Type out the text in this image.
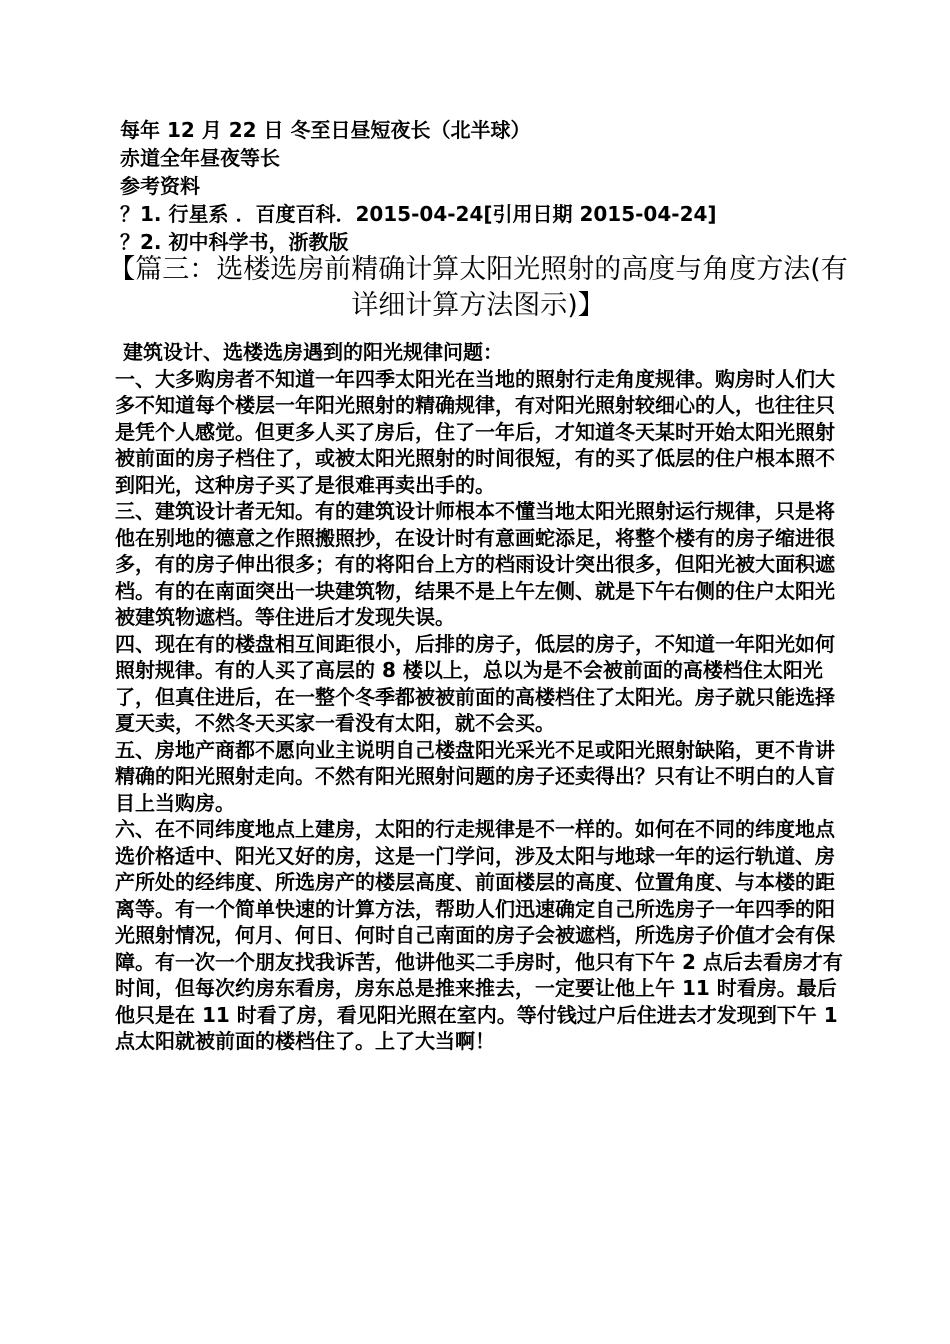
每年 12 月 22 日 冬至日昼短夜长（北半球）
赤道全年昼夜等长
参考资料
？1. 行星系 ．百度百科．2015-04-24[引用日期 2015-04-24]
？2. 初中科学书，浙教版
【篇三：选楼选房前精确计算太阳光照射的高度与角度方法(有详细计算方法图示)】

建筑设计、选楼选房遇到的阳光规律问题：

一、大多购房者不知道一年四季太阳光在当地的照射行走角度规律。购房时人们大多不知道每个楼层一年阳光照射的精确规律，有对阳光照射较细心的人，也往往只是凭个人感觉。但更多人买了房后，住了一年后，才知道冬天某时开始太阳光照射被前面的房子档住了，或被太阳光照射的时间很短，有的买了低层的住户根本照不到阳光，这种房子买了是很难再卖出手的。

三、建筑设计者无知。有的建筑设计师根本不懂当地太阳光照射运行规律，只是将他在别地的德意之作照搬照抄，在设计时有意画蛇添足，将整个楼有的房子缩进很多，有的房子伸出很多；有的将阳台上方的档雨设计突出很多，但阳光被大面积遮档。有的在南面突出一块建筑物，结果不是上午左侧、就是下午右侧的住户太阳光被建筑物遮档。等住进后才发现失误。

四、现在有的楼盘相互间距很小，后排的房子，低层的房子，不知道一年阳光如何照射规律。有的人买了高层的 8 楼以上，总以为是不会被前面的高楼档住太阳光了，但真住进后，在一整个冬季都被被前面的高楼档住了太阳光。房子就只能选择夏天卖，不然冬天买家一看没有太阳，就不会买。

五、房地产商都不愿向业主说明自己楼盘阳光采光不足或阳光照射缺陷，更不肯讲精确的阳光照射走向。不然有阳光照射问题的房子还卖得出？只有让不明白的人盲目上当购房。

六、在不同纬度地点上建房，太阳的行走规律是不一样的。如何在不同的纬度地点选价格适中、阳光又好的房，这是一门学问，涉及太阳与地球一年的运行轨道、房产所处的经纬度、所选房产的楼层高度、前面楼层的高度、位置角度、与本楼的距离等。有一个简单快速的计算方法，帮助人们迅速确定自己所选房子一年四季的阳光照射情况，何月、何日、何时自己南面的房子会被遮档，所选房子价值才会有保障。有一次一个朋友找我诉苦，他讲他买二手房时，他只有下午 2 点后去看房才有时间，但每次约房东看房，房东总是推来推去，一定要让他上午 11 时看房。最后他只是在 11 时看了房，看见阳光照在室内。等付钱过户后住进去才发现到下午 1 点太阳就被前面的楼档住了。上了大当啊！
